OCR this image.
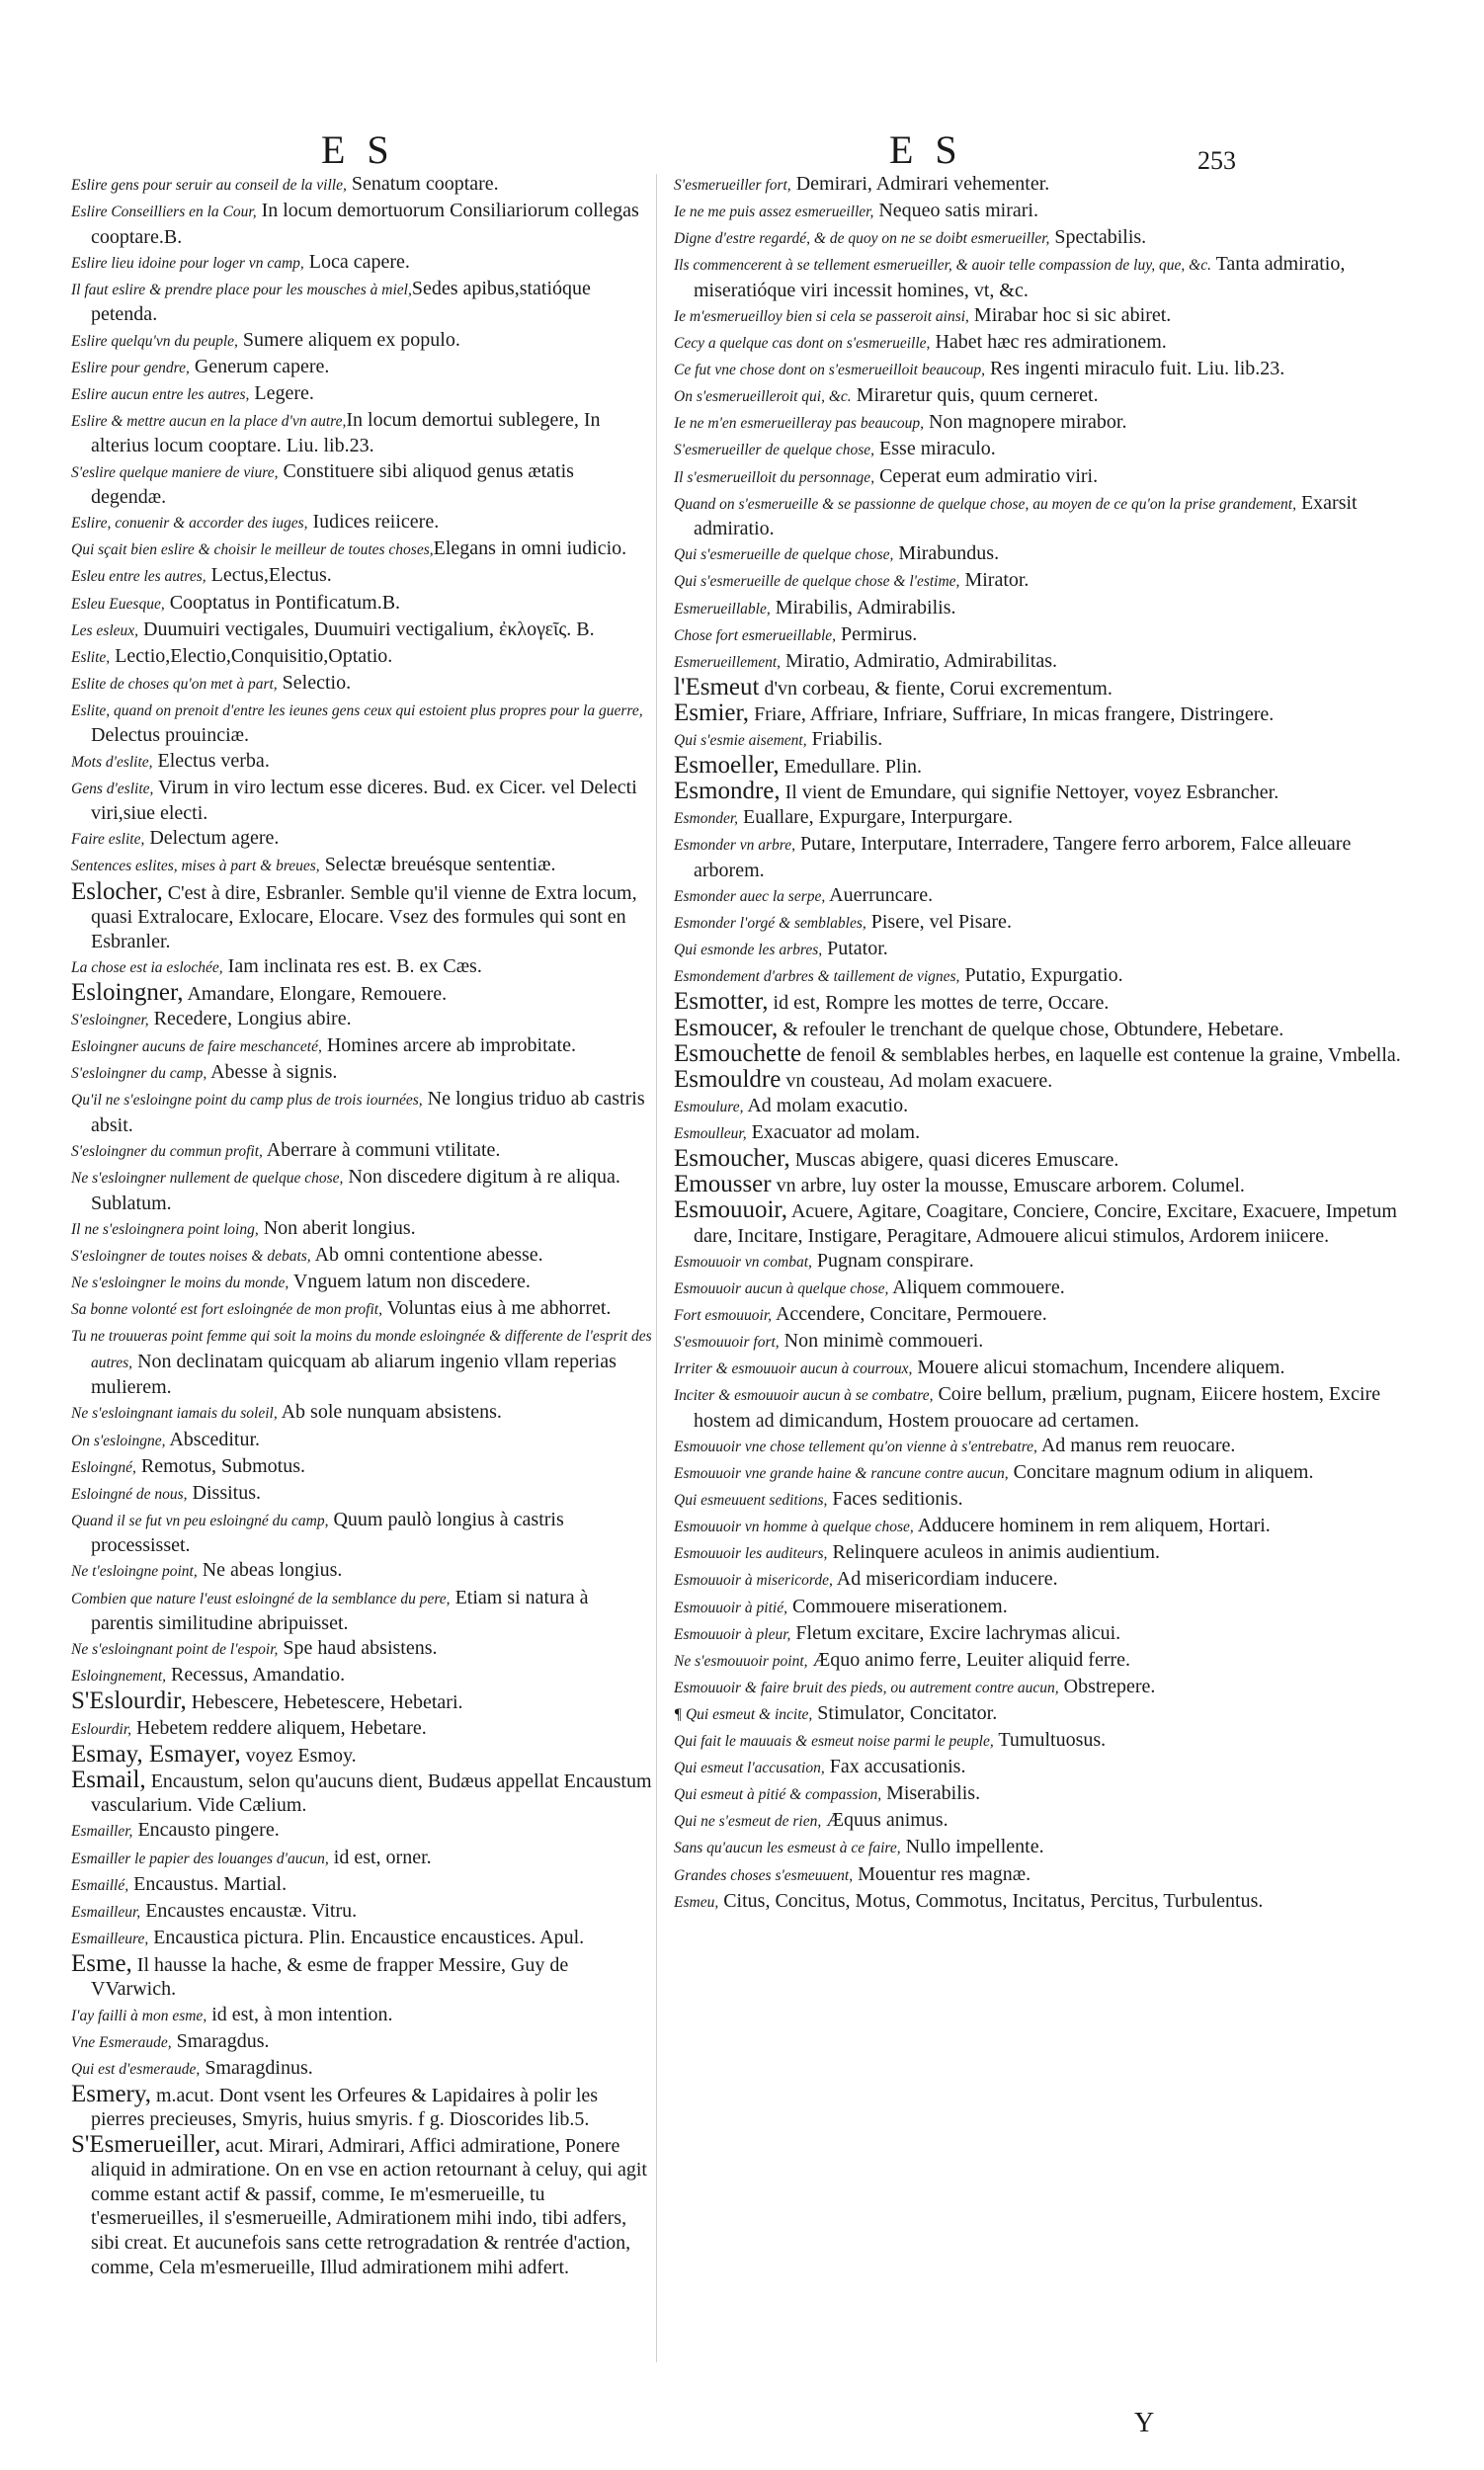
E S	E S	253

Eslire gens pour seruir au conseil de la ville, Senatum cooptare.

Eslire Conseilliers en la Cour, In locum demortuorum Consiliariorum collegas cooptare.B.

Eslire lieu idoine pour loger vn camp, Loca capere.

Il faut eslire & prendre place pour les mousches à miel,Sedes apibus,statióque petenda.

Eslire quelqu'vn du peuple, Sumere aliquem ex populo.

Eslire pour gendre, Generum capere.

Eslire aucun entre les autres, Legere.

Eslire & mettre aucun en la place d'vn autre,In locum demortui sublegere, In alterius locum cooptare. Liu. lib.23.

S'eslire quelque maniere de viure, Constituere sibi aliquod genus ætatis degendæ.

Eslire, conuenir & accorder des iuges, Iudices reiicere.

Qui sçait bien eslire & choisir le meilleur de toutes choses,Elegans in omni iudicio.

Esleu entre les autres, Lectus,Electus.

Esleu Euesque, Cooptatus in Pontificatum.B.

Les esleux, Duumuiri vectigales, Duumuiri vectigalium, ἐκλογεῖς. B.

Eslite, Lectio,Electio,Conquisitio,Optatio.

Eslite de choses qu'on met à part, Selectio.

Eslite, quand on prenoit d'entre les ieunes gens ceux qui estoient plus propres pour la guerre, Delectus prouinciæ.

Mots d'eslite, Electus verba.

Gens d'eslite, Virum in viro lectum esse diceres. Bud. ex Cicer. vel Delecti viri,siue electi.

Faire eslite, Delectum agere.

Sentences eslites, mises à part & breues, Selectæ breuésque sententiæ.

Eslocher, C'est à dire, Esbranler. Semble qu'il vienne de Extra locum, quasi Extralocare, Exlocare, Elocare. Vsez des formules qui sont en Esbranler.

La chose est ia eslochée, Iam inclinata res est. B. ex Cæs.

Esloingner, Amandare, Elongare, Remouere.

S'esloingner, Recedere, Longius abire.

Esloingner aucuns de faire meschanceté, Homines arcere ab improbitate.

S'esloingner du camp, Abesse à signis.

Qu'il ne s'esloingne point du camp plus de trois iournées, Ne longius triduo ab castris absit.

S'esloingner du commun profit, Aberrare à communi vtilitate.

Ne s'esloingner nullement de quelque chose, Non discedere digitum à re aliqua. Sublatum.

Il ne s'esloingnera point loing, Non aberit longius.

S'esloingner de toutes noises & debats, Ab omni contentione abesse.

Ne s'esloingner le moins du monde, Vnguem latum non discedere.

Sa bonne volonté est fort esloingnée de mon profit, Voluntas eius à me abhorret.

Tu ne trouueras point femme qui soit la moins du monde esloingnée & differente de l'esprit des autres, Non declinatam quicquam ab aliarum ingenio vllam reperias mulierem.

Ne s'esloingnant iamais du soleil, Ab sole nunquam absistens.

On s'esloingne, Absceditur.

Esloingné, Remotus, Submotus.

Esloingné de nous, Dissitus.

Quand il se fut vn peu esloingné du camp, Quum paulò longius à castris processisset.

Ne t'esloingne point, Ne abeas longius.

Combien que nature l'eust esloingné de la semblance du pere, Etiam si natura à parentis similitudine abripuisset.

Ne s'esloingnant point de l'espoir, Spe haud absistens.

Esloingnement, Recessus, Amandatio.

S'Eslourdir, Hebescere, Hebetescere, Hebetari.

Eslourdir, Hebetem reddere aliquem, Hebetare.

Esmay, Esmayer, voyez Esmoy.

Esmail, Encaustum, selon qu'aucuns dient, Budæus appellat Encaustum vascularium. Vide Cælium.

Esmailler, Encausto pingere.

Esmailler le papier des louanges d'aucun, id est, orner.

Esmaillé, Encaustus. Martial.

Esmailleur, Encaustes encaustæ. Vitru.

Esmailleure, Encaustica pictura. Plin. Encaustice encaustices. Apul.

Esme, Il hausse la hache, & esme de frapper Messire, Guy de VVarwich.

I'ay failli à mon esme, id est, à mon intention.

Vne Esmeraude, Smaragdus.

Qui est d'esmeraude, Smaragdinus.

Esmery, m.acut. Dont vsent les Orfeures & Lapidaires à polir les pierres precieuses, Smyris, huius smyris. f g. Dioscorides lib.5.

S'Esmerueiller, acut. Mirari, Admirari, Affici admiratione, Ponere aliquid in admiratione. On en vse en action retournant à celuy, qui agit comme estant actif & passif, comme, Ie m'esmerueille, tu t'esmerueilles, il s'esmerueille, Admirationem mihi indo, tibi adfers, sibi creat. Et aucunefois sans cette retrogradation & rentrée d'action, comme, Cela m'esmerueille, Illud admirationem mihi adfert.

S'esmerueiller fort, Demirari, Admirari vehementer.

Ie ne me puis assez esmerueiller, Nequeo satis mirari.

Digne d'estre regardé, & de quoy on ne se doibt esmerueiller, Spectabilis.

Ils commencerent à se tellement esmerueiller, & auoir telle compassion de luy, que, &c. Tanta admiratio, miseratióque viri incessit homines, vt, &c.

Ie m'esmerueilloy bien si cela se passeroit ainsi, Mirabar hoc si sic abiret.

Cecy a quelque cas dont on s'esmerueille, Habet hæc res admirationem.

Ce fut vne chose dont on s'esmerueilloit beaucoup, Res ingenti miraculo fuit. Liu. lib.23.

On s'esmerueilleroit qui, &c. Miraretur quis, quum cerneret.

Ie ne m'en esmerueilleray pas beaucoup, Non magnopere mirabor.

S'esmerueiller de quelque chose, Esse miraculo.

Il s'esmerueilloit du personnage, Ceperat eum admiratio viri.

Quand on s'esmerueille & se passionne de quelque chose, au moyen de ce qu'on la prise grandement, Exarsit admiratio.

Qui s'esmerueille de quelque chose, Mirabundus.

Qui s'esmerueille de quelque chose & l'estime, Mirator.

Esmerueillable, Mirabilis, Admirabilis.

Chose fort esmerueillable, Permirus.

Esmerueillement, Miratio, Admiratio, Admirabilitas.

l'Esmeut d'vn corbeau, & fiente, Corui excrementum.

Esmier, Friare, Affriare, Infriare, Suffriare, In micas frangere, Distringere.

Qui s'esmie aisement, Friabilis.

Esmoeller, Emedullare. Plin.

Esmondre, Il vient de Emundare, qui signifie Nettoyer, voyez Esbrancher.

Esmonder, Euallare, Expurgare, Interpurgare.

Esmonder vn arbre, Putare, Interputare, Interradere, Tangere ferro arborem, Falce alleuare arborem.

Esmonder auec la serpe, Auerruncare.

Esmonder l'orgé & semblables, Pisere, vel Pisare.

Qui esmonde les arbres, Putator.

Esmondement d'arbres & taillement de vignes, Putatio, Expurgatio.

Esmotter, id est, Rompre les mottes de terre, Occare.

Esmoucer, & refouler le trenchant de quelque chose, Obtundere, Hebetare.

Esmouchette de fenoil & semblables herbes, en laquelle est contenue la graine, Vmbella.

Esmouldre vn cousteau, Ad molam exacuere.

Esmoulure, Ad molam exacutio.

Esmoulleur, Exacuator ad molam.

Esmoucher, Muscas abigere, quasi diceres Emuscare.

Emousser vn arbre, luy oster la mousse, Emuscare arborem. Columel.

Esmouuoir, Acuere, Agitare, Coagitare, Conciere, Concire, Excitare, Exacuere, Impetum dare, Incitare, Instigare, Peragitare, Admouere alicui stimulos, Ardorem iniicere.

Esmouuoir vn combat, Pugnam conspirare.

Esmouuoir aucun à quelque chose, Aliquem commouere.

Fort esmouuoir, Accendere, Concitare, Permouere.

S'esmouuoir fort, Non minimè commoueri.

Irriter & esmouuoir aucun à courroux, Mouere alicui stomachum, Incendere aliquem.

Inciter & esmouuoir aucun à se combatre, Coire bellum, prælium, pugnam, Eiicere hostem, Excire hostem ad dimicandum, Hostem prouocare ad certamen.

Esmouuoir vne chose tellement qu'on vienne à s'entrebatre, Ad manus rem reuocare.

Esmouuoir vne grande haine & rancune contre aucun, Concitare magnum odium in aliquem.

Qui esmeuuent seditions, Faces seditionis.

Esmouuoir vn homme à quelque chose, Adducere hominem in rem aliquem, Hortari.

Esmouuoir les auditeurs, Relinquere aculeos in animis audientium.

Esmouuoir à misericorde, Ad misericordiam inducere.

Esmouuoir à pitié, Commouere miserationem.

Esmouuoir à pleur, Fletum excitare, Excire lachrymas alicui.

Ne s'esmouuoir point, Æquo animo ferre, Leuiter aliquid ferre.

Esmouuoir & faire bruit des pieds, ou autrement contre aucun, Obstrepere.

¶ Qui esmeut & incite, Stimulator, Concitator.

Qui fait le mauuais & esmeut noise parmi le peuple, Tumultuosus.

Qui esmeut l'accusation, Fax accusationis.

Qui esmeut à pitié & compassion, Miserabilis.

Qui ne s'esmeut de rien, Æquus animus.

Sans qu'aucun les esmeust à ce faire, Nullo impellente.

Grandes choses s'esmeuuent, Mouentur res magnæ.

Esmeu, Citus, Concitus, Motus, Commotus, Incitatus, Percitus, Turbulentus.

Y
